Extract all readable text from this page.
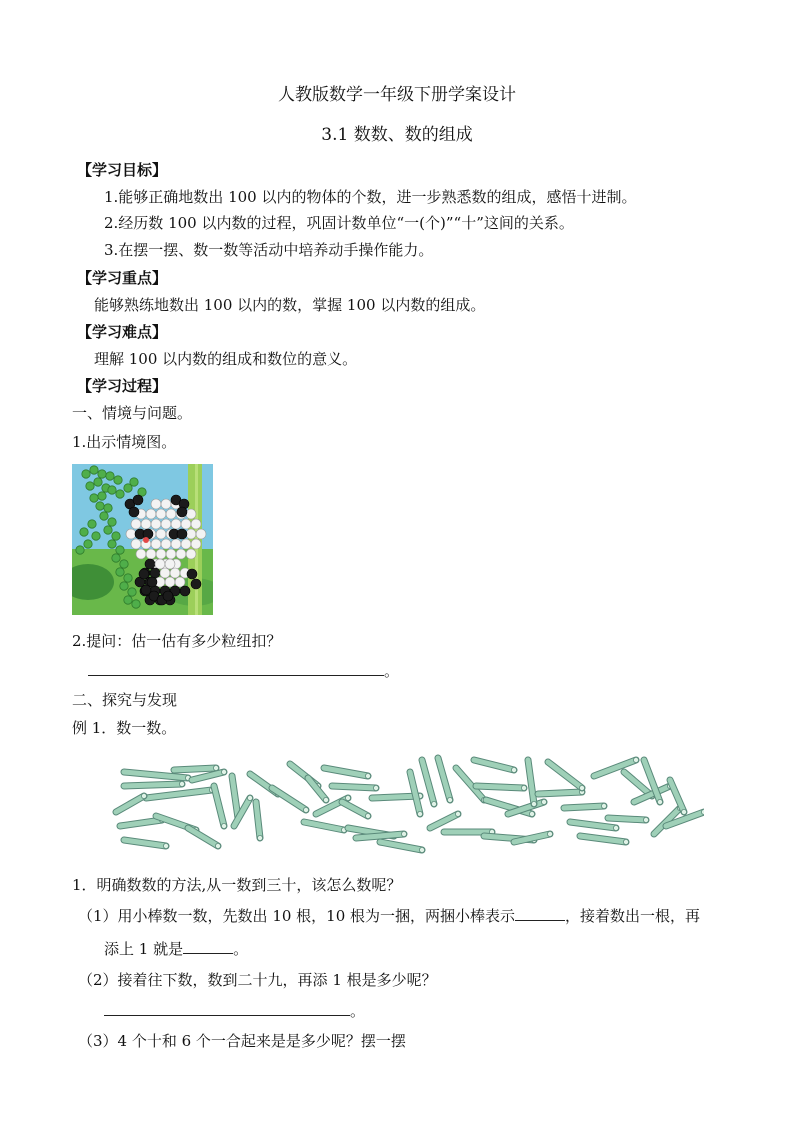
人教版数学一年级下册学案设计
3.1 数数、数的组成
【学习目标】
1.能够正确地数出 100 以内的物体的个数，进一步熟悉数的组成，感悟十进制。
2.经历数 100 以内数的过程，巩固计数单位“一(个)”“十”这间的关系。
3.在摆一摆、数一数等活动中培养动手操作能力。
【学习重点】
能够熟练地数出 100 以内的数，掌握 100 以内数的组成。
【学习难点】
理解 100 以内数的组成和数位的意义。
【学习过程】
一、情境与问题。
1.出示情境图。
2.提问：估一估有多少粒纽扣？
。
二、探究与发现
例 1．数一数。
1．明确数数的方法,从一数到三十，该怎么数呢？
（1）用小棒数一数，先数出 10 根，10 根为一捆，两捆小棒表示	，接着数出一根，再
添上 1 就是	。
（2）接着往下数，数到二十九，再添 1 根是多少呢？
。
（3）4 个十和 6 个一合起来是是多少呢？摆一摆
